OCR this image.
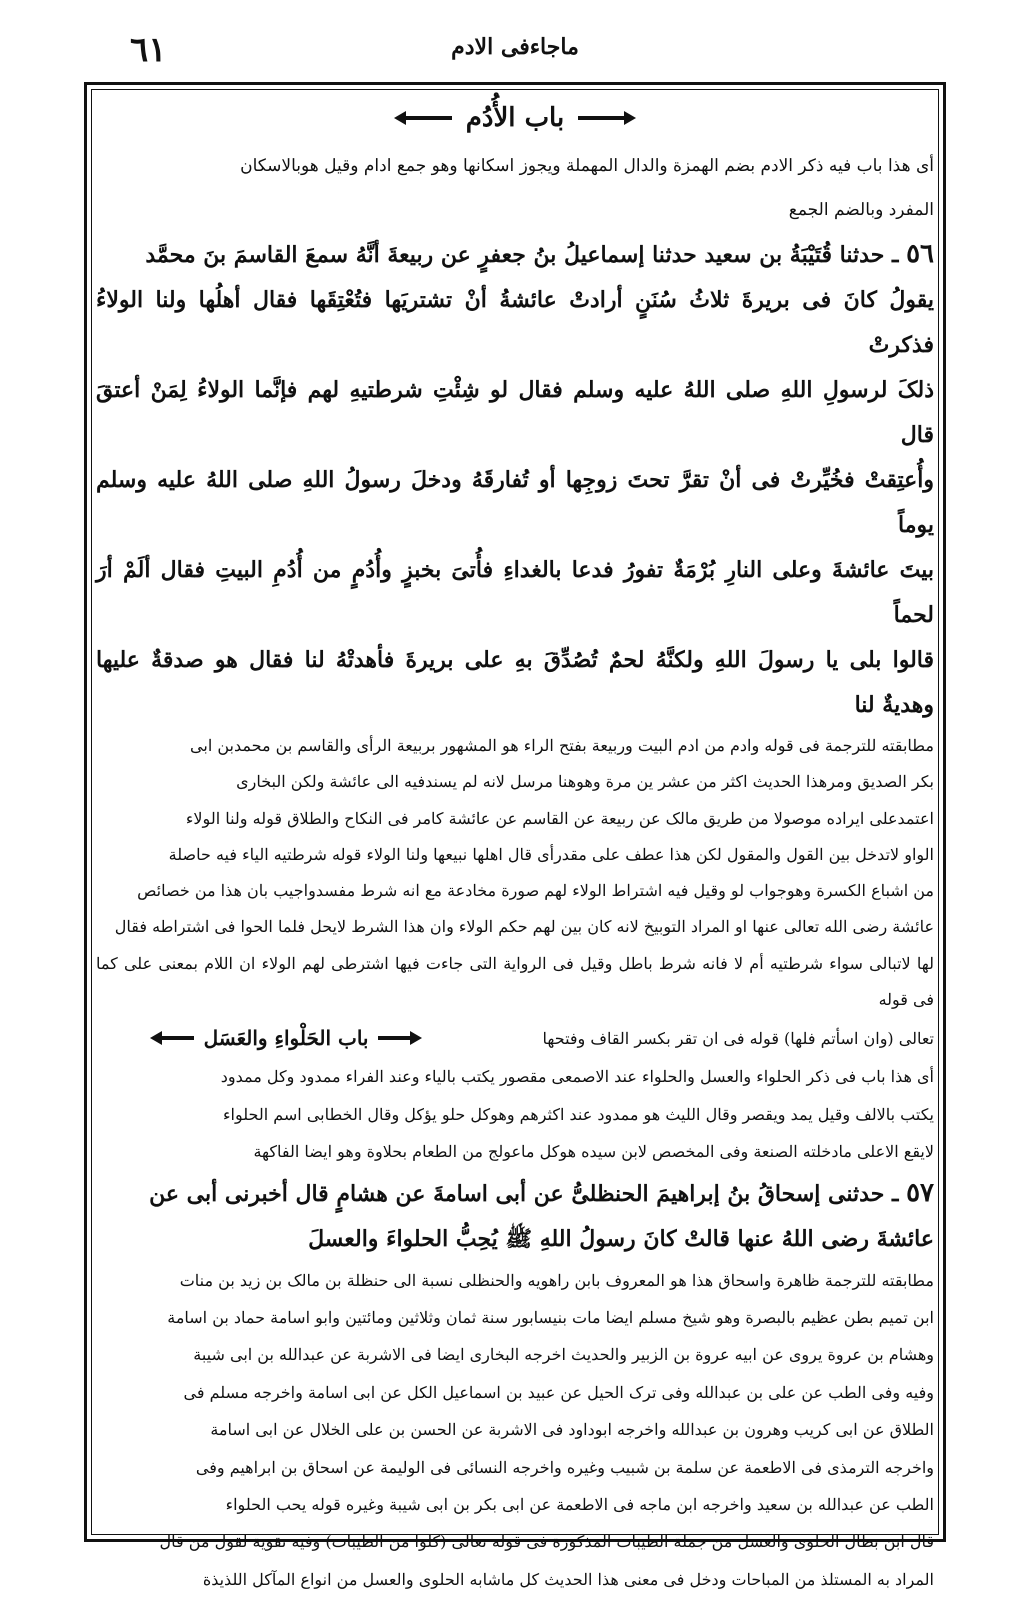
ماجاءفی الادم
٦١
باب الأُدُم

أی هذا باب فیه ذکر الادم بضم الهمزة والدال المهملة ویجوز اسکانها وهو جمع ادام وقیل هوبالاسکان

المفرد وبالضم الجمع

٥٦ ـ حدثنا قُتَیْبَةُ بن سعید حدثنا إسماعیلُ بنُ جعفرٍ عن ربیعةَ أنَّهُ سمعَ القاسمَ بنَ محمَّد

یقولُ کانَ فی بریرةَ ثلاثُ سُنَنٍ أرادتْ عائشةُ أنْ تشتریَها فتُعْتِقَها فقال أهلُها ولنا الولاءُ فذکرتْ

ذلکَ لرسولِ اللهِ صلی اللهُ علیه وسلم فقال لو شِئْتِ شرطتیهِ لهم فإنَّما الولاءُ لِمَنْ أعتقَ قال

وأُعتِقتْ فخُیِّرتْ فی أنْ تقرَّ تحتَ زوجِها أو تُفارقَهُ ودخلَ رسولُ اللهِ صلی اللهُ علیه وسلم یوماً

بیتَ عائشةَ وعلی النارِ بُرْمَةٌ تفورُ فدعا بالغداءِ فأُتیَ بخبزٍ وأُدُمٍ من أُدُمِ البیتِ فقال ألَمْ أرَ لحماً

قالوا بلی یا رسولَ اللهِ ولکنَّهُ لحمٌ تُصُدِّقَ بهِ علی بریرةَ فأهدتْهُ لنا فقال هو صدقةٌ علیها وهدیةٌ لنا

مطابقته للترجمة فی قوله وادم من ادم البیت وربیعة بفتح الراء هو المشهور بربیعة الرأی والقاسم بن محمدبن ابی

بکر الصدیق ومرهذا الحدیث اکثر من عشر ین مرة وهوهنا مرسل لانه لم یسندفیه الی عائشة ولکن البخاری

اعتمدعلی ایراده موصولا من طریق مالک عن ربیعة عن القاسم عن عائشة کامر فی النکاح والطلاق قوله ولنا الولاء

الواو لاتدخل بین القول والمقول لکن هذا عطف علی مقدرأی قال اهلها نبیعها ولنا الولاء قوله شرطتیه الیاء فیه حاصلة

من اشباع الکسرة وهوجواب لو وقیل فیه اشتراط الولاء لهم صورة مخادعة مع انه شرط مفسدواجیب بان هذا من خصائص

عائشة رضی الله تعالی عنها او المراد التوبیخ لانه کان بین لهم حکم الولاء وان هذا الشرط لایحل فلما الحوا فی اشتراطه فقال

لها لاتبالی سواء شرطتیه أم لا فانه شرط باطل وقیل فی الروایة التی جاءت فیها اشترطی لهم الولاء ان اللام بمعنی علی کما فی قوله

تعالی (وان اسأتم فلها) قوله فی ان تقر بکسر القاف وفتحها
باب الحَلْواءِ والعَسَل

أی هذا باب فی ذکر الحلواء والعسل والحلواء عند الاصمعی مقصور یکتب بالیاء وعند الفراء ممدود وکل ممدود

یکتب بالالف وقیل یمد ویقصر وقال اللیث هو ممدود عند اکثرهم وهوکل حلو یؤکل وقال الخطابی اسم الحلواء

لایقع الاعلی مادخلته الصنعة وفی المخصص لابن سیده هوکل ماعولج من الطعام بحلاوة وهو ایضا الفاکهة

٥٧ ـ حدثنی إسحاقُ بنُ إبراهیمَ الحنظلیُّ عن أبی اسامةَ عن هشامٍ قال أخبرنی أبی عن

عائشةَ رضی اللهُ عنها قالتْ کانَ رسولُ اللهِ ﷺ یُحِبُّ الحلواءَ والعسلَ

مطابقته للترجمة ظاهرة واسحاق هذا هو المعروف بابن راهویه والحنظلی نسبة الی حنظلة بن مالک بن زید بن منات

ابن تمیم بطن عظیم بالبصرة وهو شیخ مسلم ایضا مات بنیسابور سنة ثمان وثلاثین ومائتین وابو اسامة حماد بن اسامة

وهشام بن عروة یروی عن ابیه عروة بن الزبیر والحدیث اخرجه البخاری ایضا فی الاشربة عن عبدالله بن ابی شیبة

وفیه وفی الطب عن علی بن عبدالله وفی ترک الحیل عن عبید بن اسماعیل الکل عن ابی اسامة واخرجه مسلم فی

الطلاق عن ابی کریب وهرون بن عبدالله واخرجه ابوداود فی الاشربة عن الحسن بن علی الخلال عن ابی اسامة

واخرجه الترمذی فی الاطعمة عن سلمة بن شبیب وغیره واخرجه النسائی فی الولیمة عن اسحاق بن ابراهیم وفی

الطب عن عبدالله بن سعید واخرجه ابن ماجه فی الاطعمة عن ابی بکر بن ابی شیبة وغیره قوله یحب الحلواء

قال ابن بطال الحلوی والعسل من جملة الطیبات المذکورة فی قوله تعالی (کلوا من الطیبات) وفیه تقویة لقول من قال

المراد به المستلذ من المباحات ودخل فی معنی هذا الحدیث کل ماشابه الحلوی والعسل من انواع المآکل اللذیذة
